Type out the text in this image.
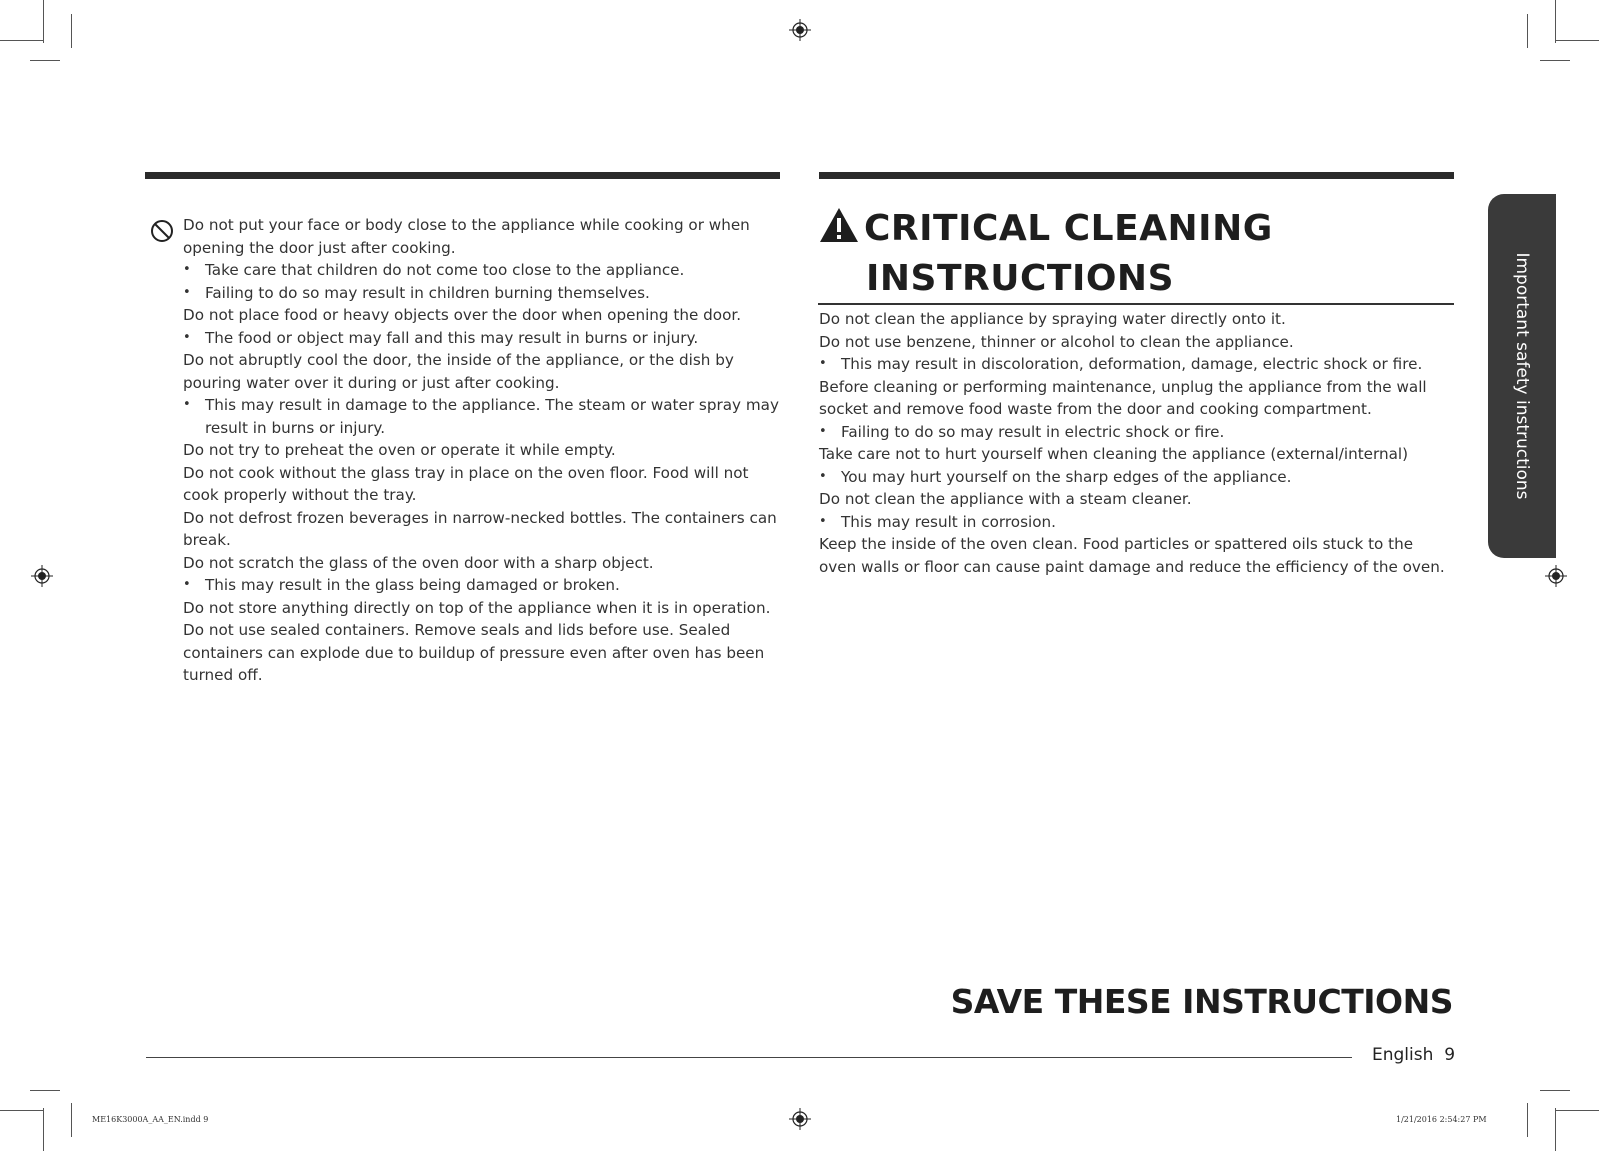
Do not put your face or body close to the appliance while cooking or when opening the door just after cooking.
• Take care that children do not come too close to the appliance.
• Failing to do so may result in children burning themselves.
Do not place food or heavy objects over the door when opening the door.
• The food or object may fall and this may result in burns or injury.
Do not abruptly cool the door, the inside of the appliance, or the dish by pouring water over it during or just after cooking.
• This may result in damage to the appliance. The steam or water spray may result in burns or injury.
Do not try to preheat the oven or operate it while empty.
Do not cook without the glass tray in place on the oven floor. Food will not cook properly without the tray.
Do not defrost frozen beverages in narrow-necked bottles. The containers can break.
Do not scratch the glass of the oven door with a sharp object.
• This may result in the glass being damaged or broken.
Do not store anything directly on top of the appliance when it is in operation.
Do not use sealed containers. Remove seals and lids before use. Sealed containers can explode due to buildup of pressure even after oven has been turned off.
CRITICAL CLEANING
INSTRUCTIONS
Do not clean the appliance by spraying water directly onto it.
Do not use benzene, thinner or alcohol to clean the appliance.
• This may result in discoloration, deformation, damage, electric shock or fire.
Before cleaning or performing maintenance, unplug the appliance from the wall socket and remove food waste from the door and cooking compartment.
• Failing to do so may result in electric shock or fire.
Take care not to hurt yourself when cleaning the appliance (external/internal)
• You may hurt yourself on the sharp edges of the appliance.
Do not clean the appliance with a steam cleaner.
• This may result in corrosion.
Keep the inside of the oven clean. Food particles or spattered oils stuck to the oven walls or floor can cause paint damage and reduce the efficiency of the oven.
Important safety instructions
SAVE THESE INSTRUCTIONS
English 9
ME16K3000A_AA_EN.indd 9	1/21/2016 2:54:27 PM
